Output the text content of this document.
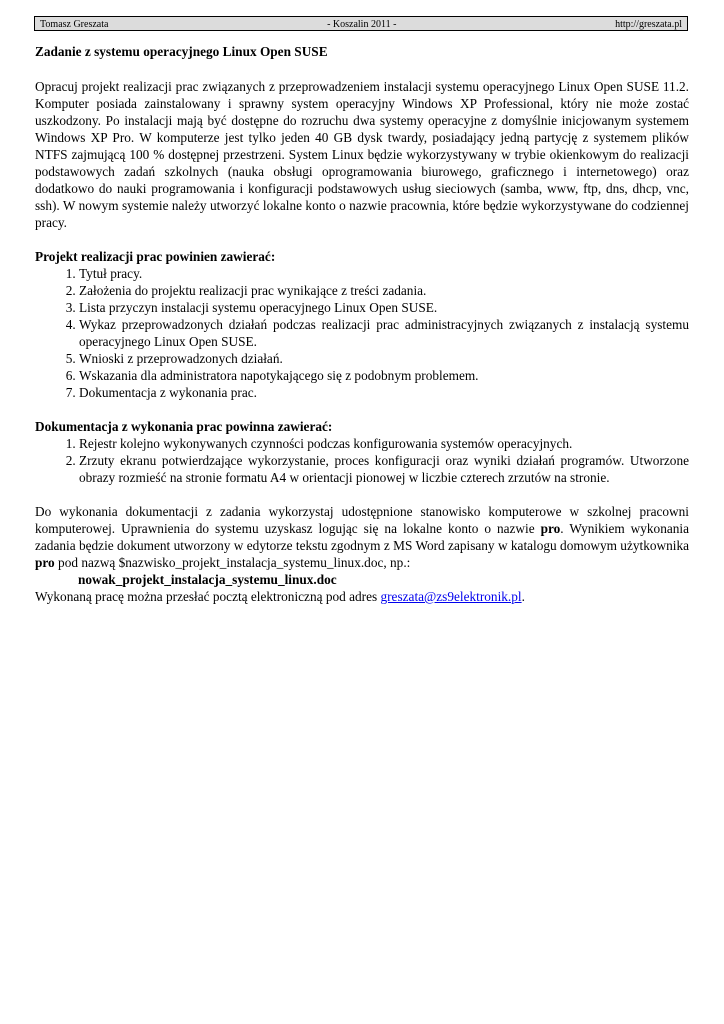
Tomasz Greszata	- Koszalin 2011 -	http://greszata.pl
Zadanie z systemu operacyjnego Linux Open SUSE

Opracuj projekt realizacji prac związanych z przeprowadzeniem instalacji systemu operacyjnego Linux Open SUSE 11.2. Komputer posiada zainstalowany i sprawny system operacyjny Windows XP Professional, który nie może zostać uszkodzony. Po instalacji mają być dostępne do rozruchu dwa systemy operacyjne z domyślnie inicjowanym systemem Windows XP Pro. W komputerze jest tylko jeden 40 GB dysk twardy, posiadający jedną partycję z systemem plików NTFS zajmującą 100 % dostępnej przestrzeni. System Linux będzie wykorzystywany w trybie okienkowym do realizacji podstawowych zadań szkolnych (nauka obsługi oprogramowania biurowego, graficznego i internetowego) oraz dodatkowo do nauki programowania i konfiguracji podstawowych usług sieciowych (samba, www, ftp, dns, dhcp, vnc, ssh). W nowym systemie należy utworzyć lokalne konto o nazwie pracownia, które będzie wykorzystywane do codziennej pracy.

Projekt realizacji prac powinien zawierać:
1. Tytuł pracy.
2. Założenia do projektu realizacji prac wynikające z treści zadania.
3. Lista przyczyn instalacji systemu operacyjnego Linux Open SUSE.
4. Wykaz przeprowadzonych działań podczas realizacji prac administracyjnych związanych z instalacją systemu operacyjnego Linux Open SUSE.
5. Wnioski z przeprowadzonych działań.
6. Wskazania dla administratora napotykającego się z podobnym problemem.
7. Dokumentacja z wykonania prac.
Dokumentacja z wykonania prac powinna zawierać:
1. Rejestr kolejno wykonywanych czynności podczas konfigurowania systemów operacyjnych.
2. Zrzuty ekranu potwierdzające wykorzystanie, proces konfiguracji oraz wyniki działań programów. Utworzone obrazy rozmieść na stronie formatu A4 w orientacji pionowej w liczbie czterech zrzutów na stronie.

Do wykonania dokumentacji z zadania wykorzystaj udostępnione stanowisko komputerowe w szkolnej pracowni komputerowej. Uprawnienia do systemu uzyskasz logując się na lokalne konto o nazwie pro. Wynikiem wykonania zadania będzie dokument utworzony w edytorze tekstu zgodnym z MS Word zapisany w katalogu domowym użytkownika pro pod nazwą $nazwisko_projekt_instalacja_systemu_linux.doc, np.:

nowak_projekt_instalacja_systemu_linux.doc

Wykonaną pracę można przesłać pocztą elektroniczną pod adres greszata@zs9elektronik.pl.
